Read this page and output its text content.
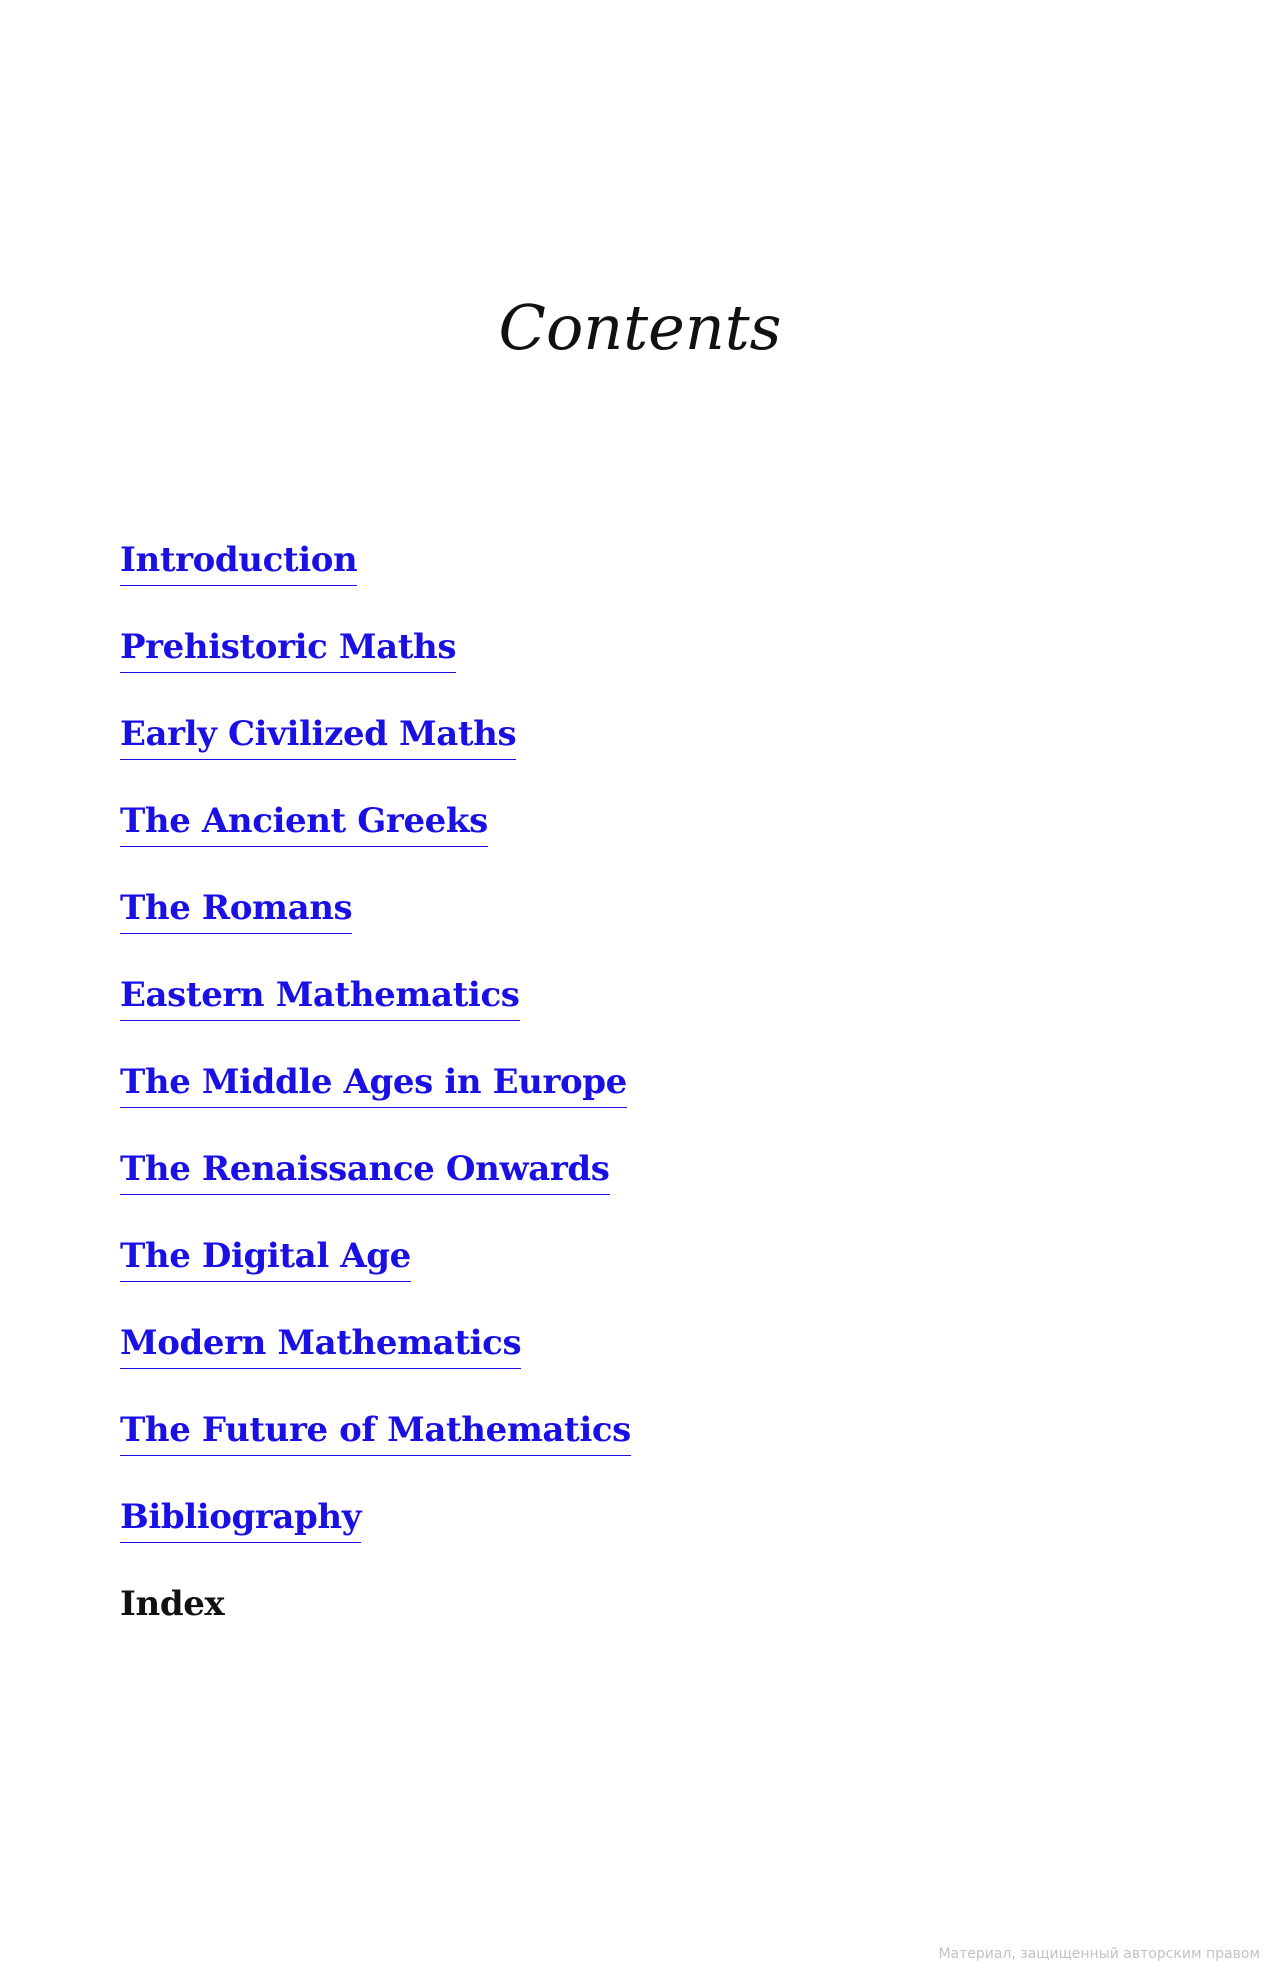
Contents
Introduction
Prehistoric Maths
Early Civilized Maths
The Ancient Greeks
The Romans
Eastern Mathematics
The Middle Ages in Europe
The Renaissance Onwards
The Digital Age
Modern Mathematics
The Future of Mathematics
Bibliography
Index
Материал, защищенный авторским правом
